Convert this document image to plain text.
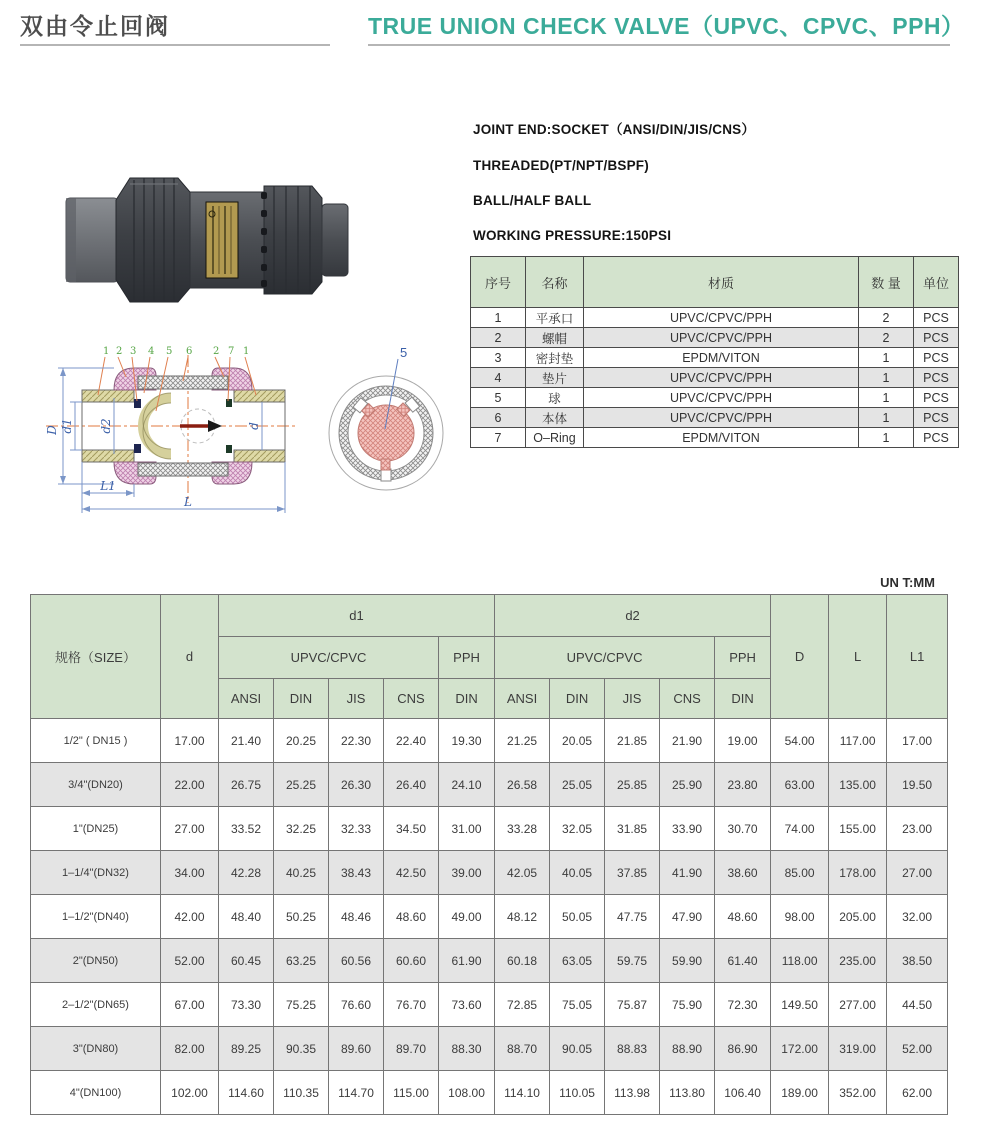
双由令止回阀	TRUE UNION CHECK VALVE（UPVC、CPVC、PPH）
JOINT END:SOCKET（ANSI/DIN/JIS/CNS）
THREADED(PT/NPT/BSPF)
BALL/HALF BALL
WORKING PRESSURE:150PSI
序号	名称	材质	数 量	单位
1	平承口	UPVC/CPVC/PPH	2	PCS
2	螺帽	UPVC/CPVC/PPH	2	PCS
3	密封垫	EPDM/VITON	1	PCS
4	垫片	UPVC/CPVC/PPH	1	PCS
5	球	UPVC/CPVC/PPH	1	PCS
6	本体	UPVC/CPVC/PPH	1	PCS
7	O–Ring	EPDM/VITON	1	PCS
1 2 3 4 5 6 2 7 1
D d1 d2	d
L1
L
5
UN T:MM
规格（SIZE）	d	d1					d2					D	L	L1
		UPVC/CPVC				PPH	UPVC/CPVC				PPH			
		ANSI	DIN	JIS	CNS	DIN	ANSI	DIN	JIS	CNS	DIN			
1/2" ( DN15 )	17.00	21.40	20.25	22.30	22.40	19.30	21.25	20.05	21.85	21.90	19.00	54.00	117.00	17.00
3/4"(DN20)	22.00	26.75	25.25	26.30	26.40	24.10	26.58	25.05	25.85	25.90	23.80	63.00	135.00	19.50
1"(DN25)	27.00	33.52	32.25	32.33	34.50	31.00	33.28	32.05	31.85	33.90	30.70	74.00	155.00	23.00
1–1/4"(DN32)	34.00	42.28	40.25	38.43	42.50	39.00	42.05	40.05	37.85	41.90	38.60	85.00	178.00	27.00
1–1/2"(DN40)	42.00	48.40	50.25	48.46	48.60	49.00	48.12	50.05	47.75	47.90	48.60	98.00	205.00	32.00
2"(DN50)	52.00	60.45	63.25	60.56	60.60	61.90	60.18	63.05	59.75	59.90	61.40	118.00	235.00	38.50
2–1/2"(DN65)	67.00	73.30	75.25	76.60	76.70	73.60	72.85	75.05	75.87	75.90	72.30	149.50	277.00	44.50
3"(DN80)	82.00	89.25	90.35	89.60	89.70	88.30	88.70	90.05	88.83	88.90	86.90	172.00	319.00	52.00
4"(DN100)	102.00	114.60	110.35	114.70	115.00	108.00	114.10	110.05	113.98	113.80	106.40	189.00	352.00	62.00
